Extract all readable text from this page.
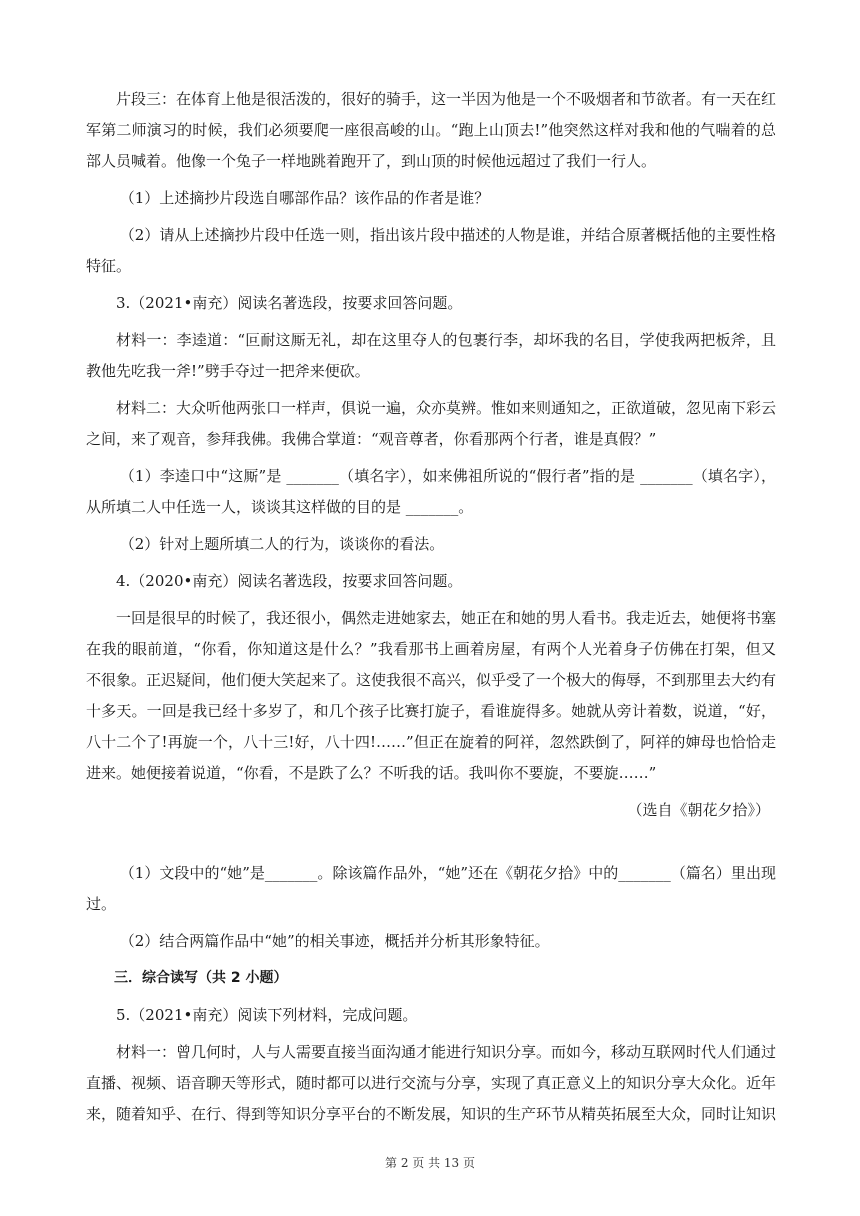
片段三：在体育上他是很活泼的，很好的骑手，这一半因为他是一个不吸烟者和节欲者。有一天在红军第二师演习的时候，我们必须要爬一座很高峻的山。“跑上山顶去!”他突然这样对我和他的气喘着的总部人员喊着。他像一个兔子一样地跳着跑开了，到山顶的时候他远超过了我们一行人。

（1）上述摘抄片段选自哪部作品？该作品的作者是谁？

（2）请从上述摘抄片段中任选一则，指出该片段中描述的人物是谁，并结合原著概括他的主要性格特征。

3.（2021•南充）阅读名著选段，按要求回答问题。

材料一：李逵道：“叵耐这厮无礼，却在这里夺人的包裹行李，却坏我的名目，学使我两把板斧，且教他先吃我一斧!”劈手夺过一把斧来便砍。

材料二：大众听他两张口一样声，俱说一遍，众亦莫辨。惟如来则通知之，正欲道破，忽见南下彩云之间，来了观音，参拜我佛。我佛合掌道：“观音尊者，你看那两个行者，谁是真假？”

（1）李逵口中“这厮”是 _______（填名字），如来佛祖所说的“假行者”指的是 _______（填名字），从所填二人中任选一人，谈谈其这样做的目的是 _______。

（2）针对上题所填二人的行为，谈谈你的看法。

4.（2020•南充）阅读名著选段，按要求回答问题。

一回是很早的时候了，我还很小，偶然走进她家去，她正在和她的男人看书。我走近去，她便将书塞在我的眼前道，“你看，你知道这是什么？”我看那书上画着房屋，有两个人光着身子仿佛在打架，但又不很象。正迟疑间，他们便大笑起来了。这使我很不高兴，似乎受了一个极大的侮辱，不到那里去大约有十多天。一回是我已经十多岁了，和几个孩子比赛打旋子，看谁旋得多。她就从旁计着数，说道，“好，八十二个了!再旋一个，八十三!好，八十四!……”但正在旋着的阿祥，忽然跌倒了，阿祥的婶母也恰恰走进来。她便接着说道，“你看，不是跌了么？不听我的话。我叫你不要旋，不要旋……”

（选自《朝花夕拾》）

（1）文段中的“她”是_______。除该篇作品外，“她”还在《朝花夕拾》中的_______（篇名）里出现过。

（2）结合两篇作品中“她”的相关事迹，概括并分析其形象特征。

三．综合读写（共 2 小题）

5.（2021•南充）阅读下列材料，完成问题。

材料一：曾几何时，人与人需要直接当面沟通才能进行知识分享。而如今，移动互联网时代人们通过直播、视频、语音聊天等形式，随时都可以进行交流与分享，实现了真正意义上的知识分享大众化。近年来，随着知乎、在行、得到等知识分享平台的不断发展，知识的生产环节从精英拓展至大众，同时让知识

第 2 页 共 13 页
